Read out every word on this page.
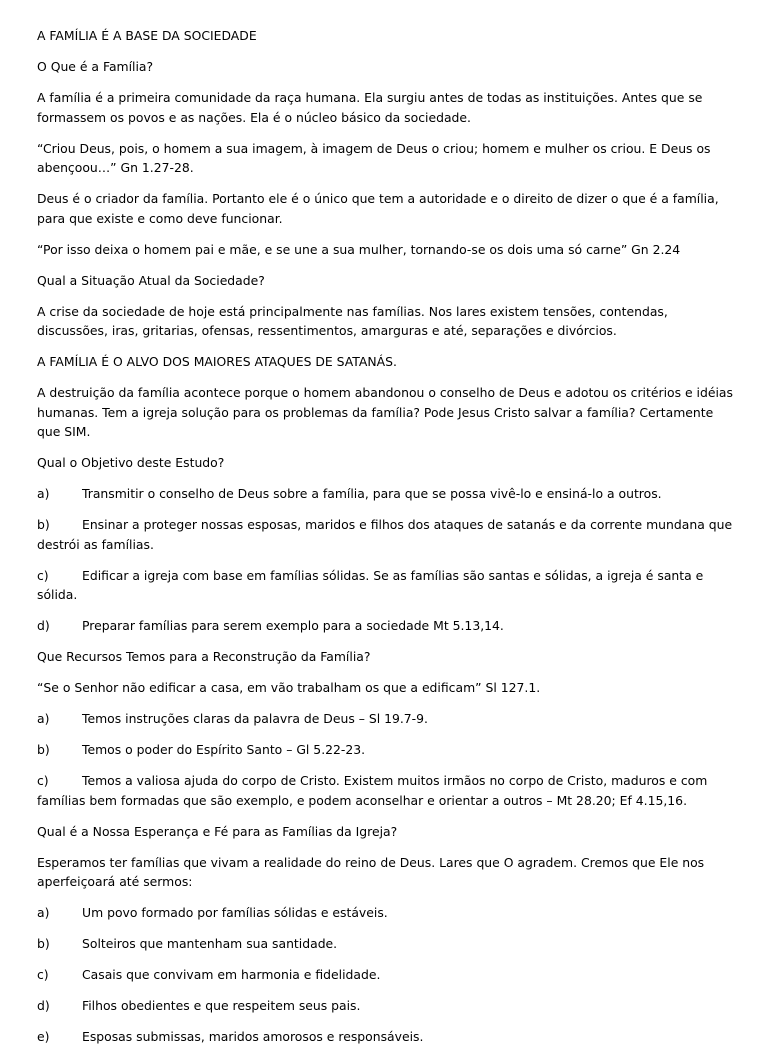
A FAMÍLIA É A BASE DA SOCIEDADE

O Que é a Família?

A família é a primeira comunidade da raça humana. Ela surgiu antes de todas as instituições. Antes que se formassem os povos e as nações. Ela é o núcleo básico da sociedade.

“Criou Deus, pois, o homem a sua imagem, à imagem de Deus o criou; homem e mulher os criou. E Deus os abençoou…” Gn 1.27-28.

Deus é o criador da família. Portanto ele é o único que tem a autoridade e o direito de dizer o que é a família, para que existe e como deve funcionar.

“Por isso deixa o homem pai e mãe, e se une a sua mulher, tornando-se os dois uma só carne” Gn 2.24

Qual a Situação Atual da Sociedade?

A crise da sociedade de hoje está principalmente nas famílias. Nos lares existem tensões, contendas, discussões, iras, gritarias, ofensas, ressentimentos, amarguras e até, separações e divórcios.

A FAMÍLIA É O ALVO DOS MAIORES ATAQUES DE SATANÁS.

A destruição da família acontece porque o homem abandonou o conselho de Deus e adotou os critérios e idéias humanas. Tem a igreja solução para os problemas da família? Pode Jesus Cristo salvar a família? Certamente que SIM.

Qual o Objetivo deste Estudo?

a)	Transmitir o conselho de Deus sobre a família, para que se possa vivê-lo e ensiná-lo a outros.

b)	Ensinar a proteger nossas esposas, maridos e filhos dos ataques de satanás e da corrente mundana que destrói as famílias.

c)	Edificar a igreja com base em famílias sólidas. Se as famílias são santas e sólidas, a igreja é santa e sólida.

d)	Preparar famílias para serem exemplo para a sociedade Mt 5.13,14.

Que Recursos Temos para a Reconstrução da Família?

“Se o Senhor não edificar a casa, em vão trabalham os que a edificam” Sl 127.1.

a)	Temos instruções claras da palavra de Deus – Sl 19.7-9.

b)	Temos o poder do Espírito Santo – Gl 5.22-23.

c)	Temos a valiosa ajuda do corpo de Cristo. Existem muitos irmãos no corpo de Cristo, maduros e com famílias bem formadas que são exemplo, e podem aconselhar e orientar a outros – Mt 28.20; Ef 4.15,16.

Qual é a Nossa Esperança e Fé para as Famílias da Igreja?

Esperamos ter famílias que vivam a realidade do reino de Deus. Lares que O agradem. Cremos que Ele nos aperfeiçoará até sermos:

a)	Um povo formado por famílias sólidas e estáveis.

b)	Solteiros que mantenham sua santidade.

c)	Casais que convivam em harmonia e fidelidade.

d)	Filhos obedientes e que respeitem seus pais.

e)	Esposas submissas, maridos amorosos e responsáveis.
